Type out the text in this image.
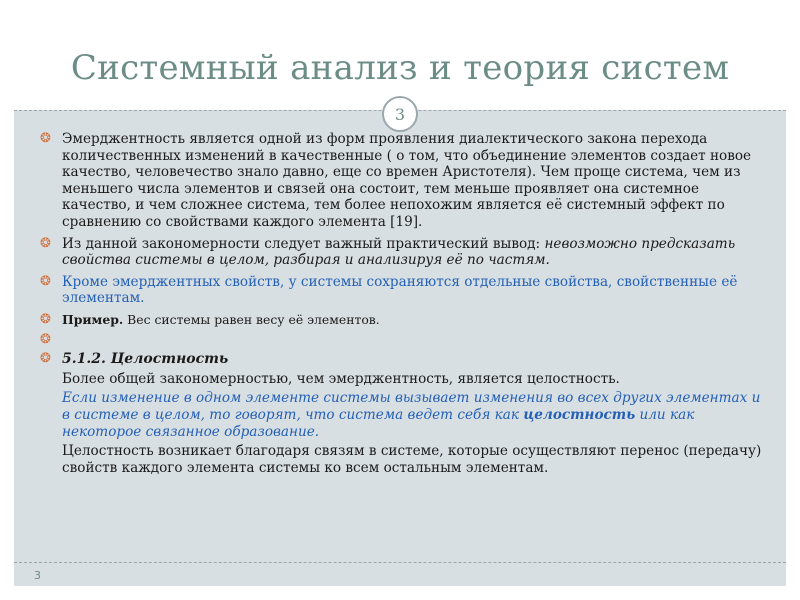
Системный анализ и теория систем
3

❂ Эмерджентность является одной из форм проявления диалектического закона перехода количественных изменений в качественные ( о том, что объединение элементов создает новое качество, человечество знало давно, еще со времен Аристотеля). Чем проще система, чем из меньшего числа элементов и связей она состоит, тем меньше проявляет она системное качество, и чем сложнее система, тем более непохожим является её системный эффект по сравнению со свойствами каждого элемента [19].

❂ Из данной закономерности следует важный практический вывод: невозможно предсказать свойства системы в целом, разбирая и анализируя её по частям.

❂ Кроме эмерджентных свойств, у системы сохраняются отдельные свойства, свойственные её элементам.

❂ Пример. Вес системы равен весу её элементов.

❂

❂ 5.1.2. Целостность

Более общей закономерностью, чем эмерджентность, является целостность.

Если изменение в одном элементе системы вызывает изменения во всех других элементах и в системе в целом, то говорят, что система ведет себя как целостность или как некоторое связанное образование.

Целостность возникает благодаря связям в системе, которые осуществляют перенос (передачу) свойств каждого элемента системы ко всем остальным элементам.

3
